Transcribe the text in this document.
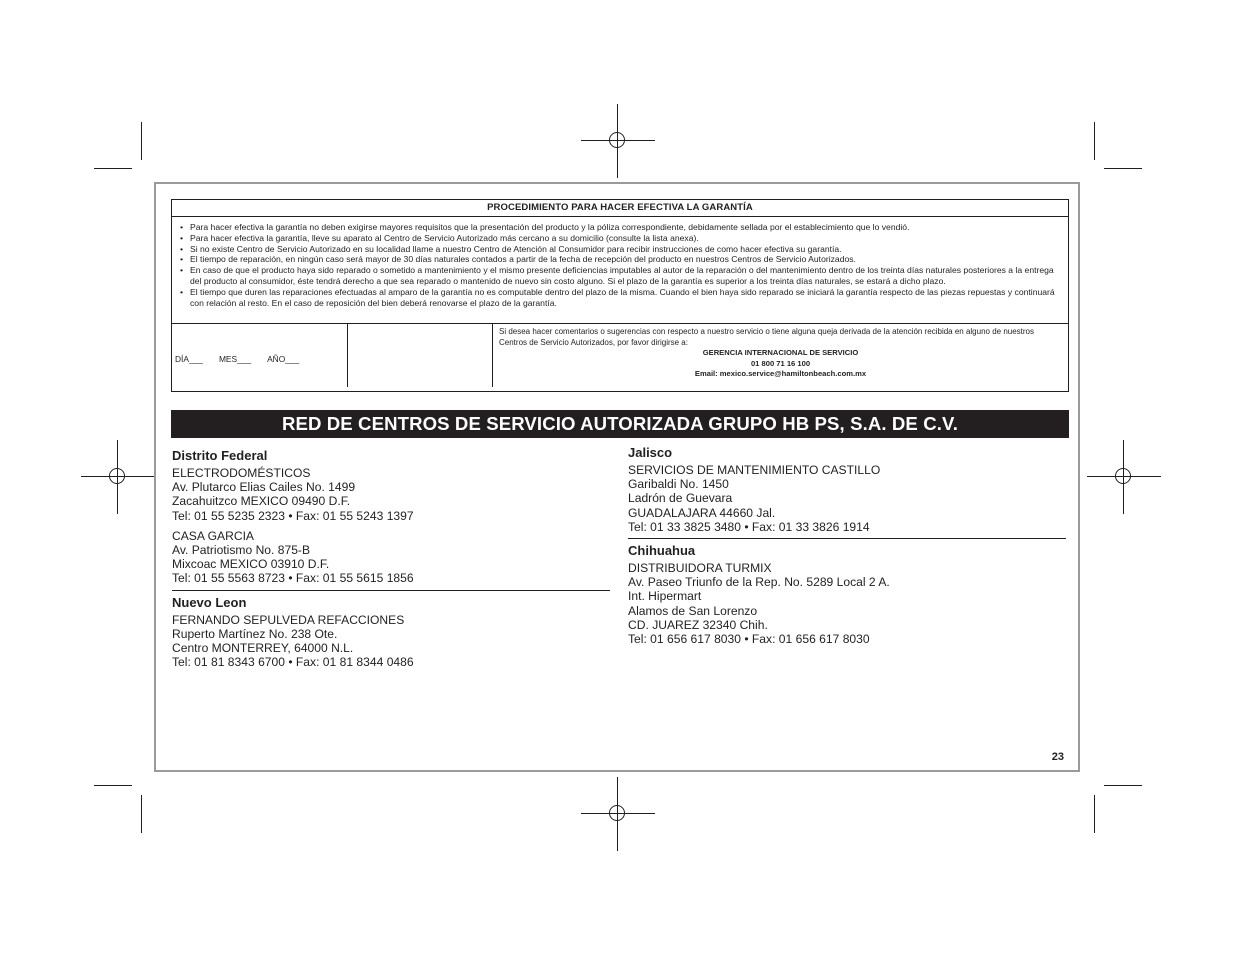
PROCEDIMIENTO PARA HACER EFECTIVA LA GARANTÍA
• Para hacer efectiva la garantía no deben exigirse mayores requisitos que la presentación del producto y la póliza correspondiente, debidamente sellada por el establecimiento que lo vendió.
• Para hacer efectiva la garantía, lleve su aparato al Centro de Servicio Autorizado más cercano a su domicilio (consulte la lista anexa).
• Si no existe Centro de Servicio Autorizado en su localidad llame a nuestro Centro de Atención al Consumidor para recibir instrucciones de como hacer efectiva su garantía.
• El tiempo de reparación, en ningún caso será mayor de 30 días naturales contados a partir de la fecha de recepción del producto en nuestros Centros de Servicio Autorizados.
• En caso de que el producto haya sido reparado o sometido a mantenimiento y el mismo presente deficiencias imputables al autor de la reparación o del mantenimiento dentro de los treinta días naturales posteriores a la entrega del producto al consumidor, éste tendrá derecho a que sea reparado o mantenido de nuevo sin costo alguno. Si el plazo de la garantía es superior a los treinta días naturales, se estará a dicho plazo.
• El tiempo que duren las reparaciones efectuadas al amparo de la garantía no es computable dentro del plazo de la misma. Cuando el bien haya sido reparado se iniciará la garantía respecto de las piezas repuestas y continuará con relación al resto. En el caso de reposición del bien deberá renovarse el plazo de la garantía.
DÍA___ MES___ AÑO___
Si desea hacer comentarios o sugerencias con respecto a nuestro servicio o tiene alguna queja derivada de la atención recibida en alguno de nuestros Centros de Servicio Autorizados, por favor dirigirse a:
GERENCIA INTERNACIONAL DE SERVICIO
01 800 71 16 100
Email: mexico.service@hamiltonbeach.com.mx
RED DE CENTROS DE SERVICIO AUTORIZADA GRUPO HB PS, S.A. DE C.V.
Distrito Federal
ELECTRODOMÉSTICOS
Av. Plutarco Elias Cailes No. 1499
Zacahuitzco MEXICO 09490 D.F.
Tel: 01 55 5235 2323 • Fax: 01 55 5243 1397
CASA GARCIA
Av. Patriotismo No. 875-B
Mixcoac MEXICO 03910 D.F.
Tel: 01 55 5563 8723 • Fax: 01 55 5615 1856
Nuevo Leon
FERNANDO SEPULVEDA REFACCIONES
Ruperto Martínez No. 238 Ote.
Centro MONTERREY, 64000 N.L.
Tel: 01 81 8343 6700 • Fax: 01 81 8344 0486
Jalisco
SERVICIOS DE MANTENIMIENTO CASTILLO
Garibaldi No. 1450
Ladrón de Guevara
GUADALAJARA 44660 Jal.
Tel: 01 33 3825 3480 • Fax: 01 33 3826 1914
Chihuahua
DISTRIBUIDORA TURMIX
Av. Paseo Triunfo de la Rep. No. 5289 Local 2 A.
Int. Hipermart
Alamos de San Lorenzo
CD. JUAREZ 32340 Chih.
Tel: 01 656 617 8030 • Fax: 01 656 617 8030
23
